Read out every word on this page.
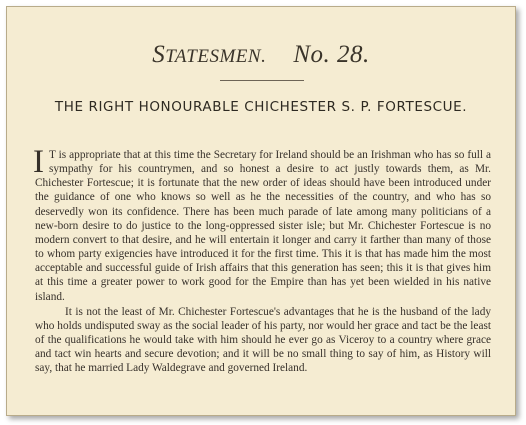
STATESMEN. No. 28.
THE RIGHT HONOURABLE CHICHESTER S. P. FORTESCUE.

I T is appropriate that at this time the Secretary for Ireland should be an Irishman who has so full a sympathy for his countrymen, and so honest a desire to act justly towards them, as Mr. Chichester Fortescue; it is fortunate that the new order of ideas should have been introduced under the guidance of one who knows so well as he the necessities of the country, and who has so deservedly won its confidence. There has been much parade of late among many politicians of a new-born desire to do justice to the long-oppressed sister isle; but Mr. Chichester Fortescue is no modern convert to that desire, and he will entertain it longer and carry it farther than many of those to whom party exigencies have introduced it for the first time. This it is that has made him the most acceptable and successful guide of Irish affairs that this generation has seen; this it is that gives him at this time a greater power to work good for the Empire than has yet been wielded in his native island.

It is not the least of Mr. Chichester Fortescue's advantages that he is the husband of the lady who holds undisputed sway as the social leader of his party, nor would her grace and tact be the least of the qualifications he would take with him should he ever go as Viceroy to a country where grace and tact win hearts and secure devotion; and it will be no small thing to say of him, as History will say, that he married Lady Waldegrave and governed Ireland.
